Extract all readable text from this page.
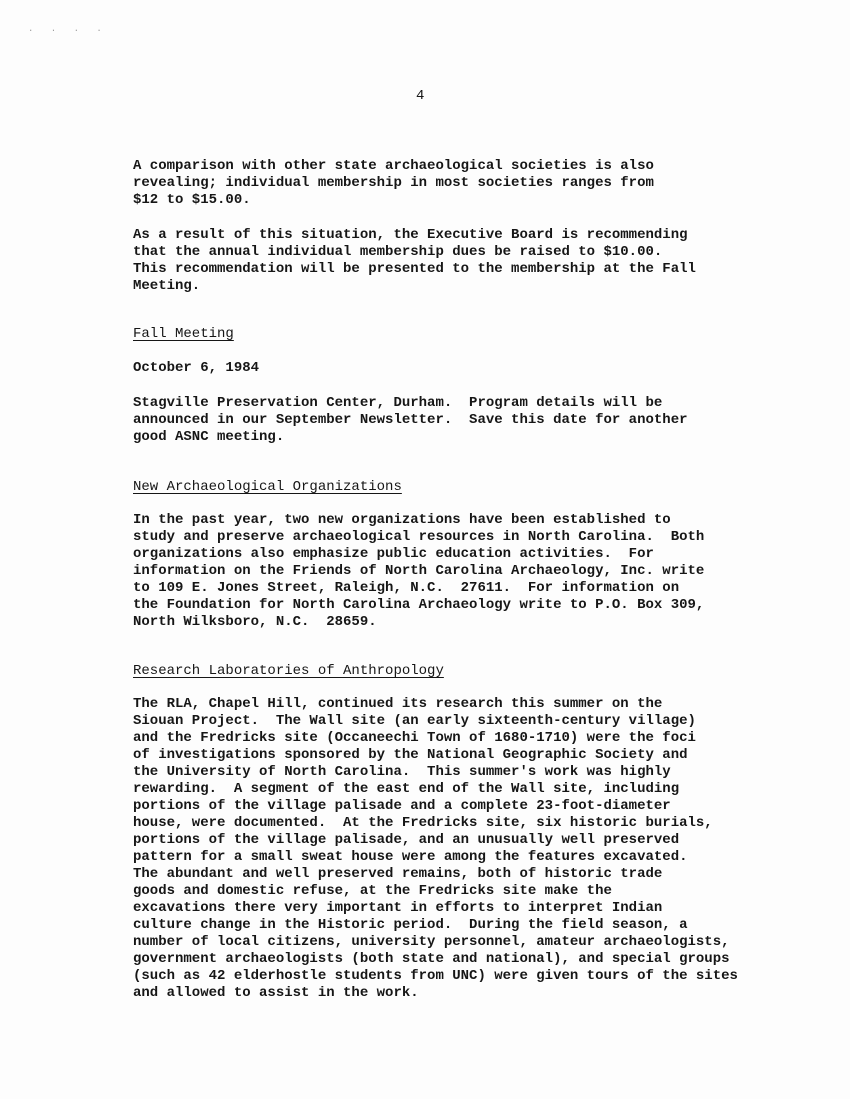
· · · ·
4
A comparison with other state archaeological societies is also
revealing; individual membership in most societies ranges from
$12 to $15.00.
As a result of this situation, the Executive Board is recommending
that the annual individual membership dues be raised to $10.00.
This recommendation will be presented to the membership at the Fall
Meeting.
Fall Meeting
October 6, 1984
Stagville Preservation Center, Durham.  Program details will be
announced in our September Newsletter.  Save this date for another
good ASNC meeting.
New Archaeological Organizations
In the past year, two new organizations have been established to
study and preserve archaeological resources in North Carolina.  Both
organizations also emphasize public education activities.  For
information on the Friends of North Carolina Archaeology, Inc. write
to 109 E. Jones Street, Raleigh, N.C.  27611.  For information on
the Foundation for North Carolina Archaeology write to P.O. Box 309,
North Wilksboro, N.C.  28659.
Research Laboratories of Anthropology
The RLA, Chapel Hill, continued its research this summer on the
Siouan Project.  The Wall site (an early sixteenth-century village)
and the Fredricks site (Occaneechi Town of 1680-1710) were the foci
of investigations sponsored by the National Geographic Society and
the University of North Carolina.  This summer's work was highly
rewarding.  A segment of the east end of the Wall site, including
portions of the village palisade and a complete 23-foot-diameter
house, were documented.  At the Fredricks site, six historic burials,
portions of the village palisade, and an unusually well preserved
pattern for a small sweat house were among the features excavated.
The abundant and well preserved remains, both of historic trade
goods and domestic refuse, at the Fredricks site make the
excavations there very important in efforts to interpret Indian
culture change in the Historic period.  During the field season, a
number of local citizens, university personnel, amateur archaeologists,
government archaeologists (both state and national), and special groups
(such as 42 elderhostle students from UNC) were given tours of the sites
and allowed to assist in the work.
